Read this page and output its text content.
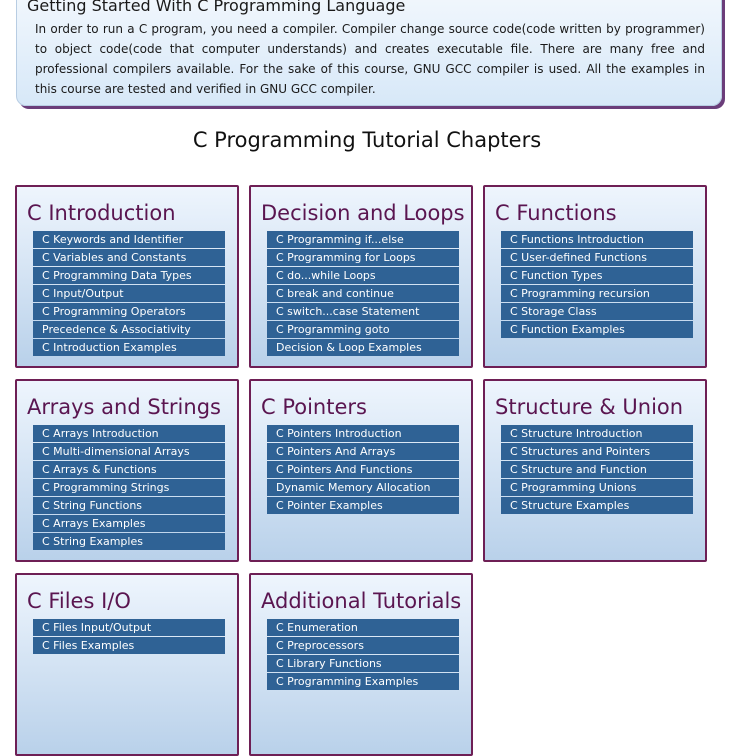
Getting Started With C Programming Language

In order to run a C program, you need a compiler. Compiler change source code(code written by programmer) to object code(code that computer understands) and creates executable file. There are many free and professional compilers available. For the sake of this course, GNU GCC compiler is used. All the examples in this course are tested and verified in GNU GCC compiler.

C Programming Tutorial Chapters
C Introduction
C Keywords and Identifier
C Variables and Constants
C Programming Data Types
C Input/Output
C Programming Operators
Precedence & Associativity
C Introduction Examples
Decision and Loops
C Programming if...else
C Programming for Loops
C do...while Loops
C break and continue
C switch...case Statement
C Programming goto
Decision & Loop Examples
C Functions
C Functions Introduction
C User-defined Functions
C Function Types
C Programming recursion
C Storage Class
C Function Examples
Arrays and Strings
C Arrays Introduction
C Multi-dimensional Arrays
C Arrays & Functions
C Programming Strings
C String Functions
C Arrays Examples
C String Examples
C Pointers
C Pointers Introduction
C Pointers And Arrays
C Pointers And Functions
Dynamic Memory Allocation
C Pointer Examples
Structure & Union
C Structure Introduction
C Structures and Pointers
C Structure and Function
C Programming Unions
C Structure Examples
C Files I/O
C Files Input/Output
C Files Examples
Additional Tutorials
C Enumeration
C Preprocessors
C Library Functions
C Programming Examples
